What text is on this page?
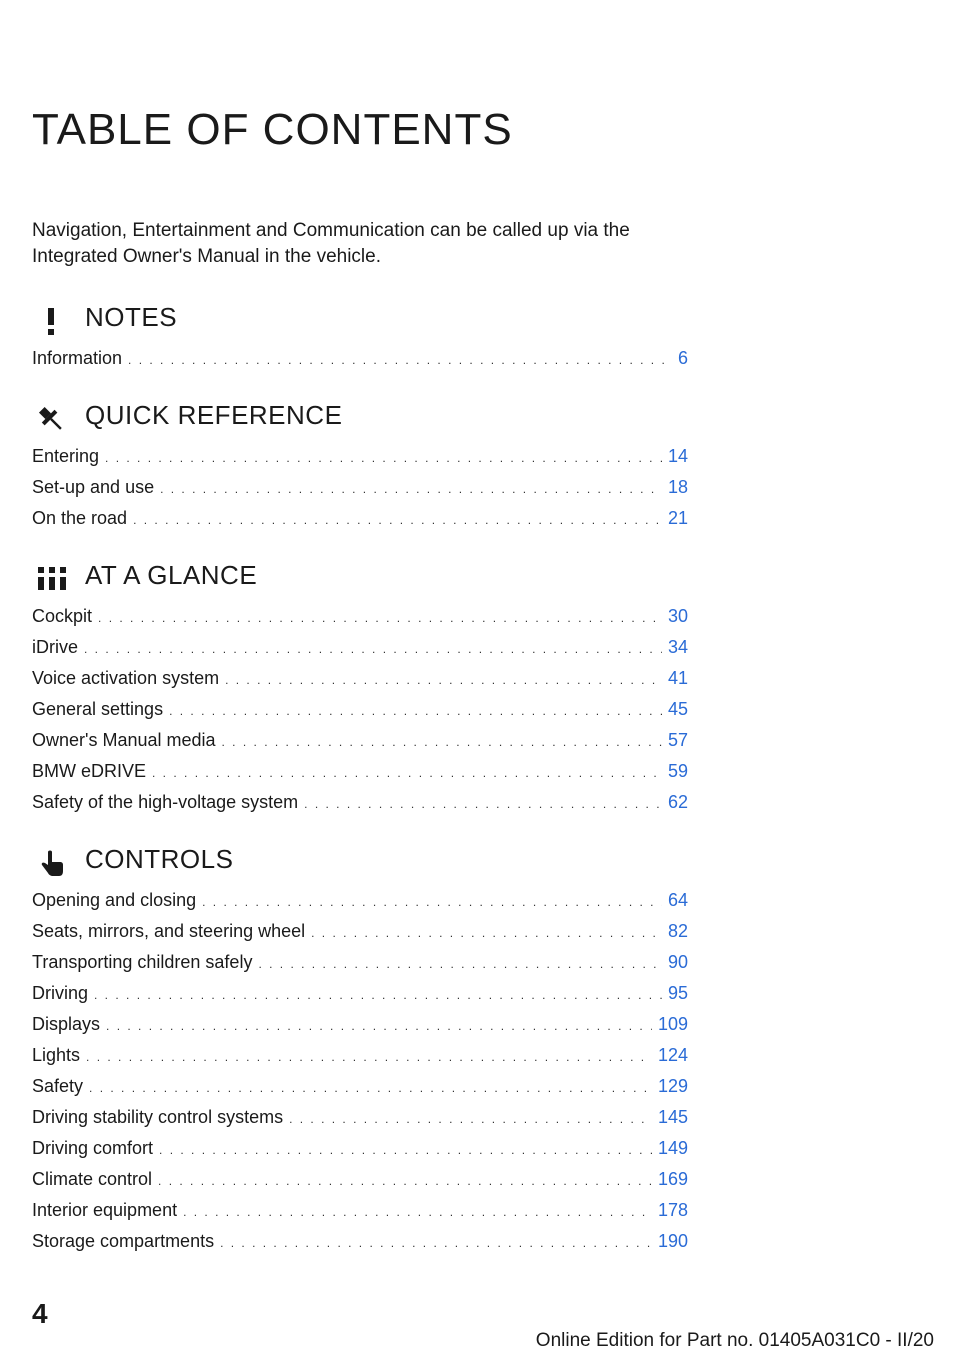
TABLE OF CONTENTS

Navigation, Entertainment and Communication can be called up via the Integrated Owner's Manual in the vehicle.

NOTES
Information . . .	6
QUICK REFERENCE
Entering . . .	14
Set-up and use . . .	18
On the road . . .	21
AT A GLANCE
Cockpit . . .	30
iDrive . . .	34
Voice activation system . . .	41
General settings . . .	45
Owner's Manual media . . .	57
BMW eDRIVE . . .	59
Safety of the high-voltage system . . .	62
CONTROLS
Opening and closing . . .	64
Seats, mirrors, and steering wheel . . .	82
Transporting children safely . . .	90
Driving . . .	95
Displays . . .	109
Lights . . .	124
Safety . . .	129
Driving stability control systems . . .	145
Driving comfort . . .	149
Climate control . . .	169
Interior equipment . . .	178
Storage compartments . . .	190
4
Online Edition for Part no. 01405A031C0 - II/20
